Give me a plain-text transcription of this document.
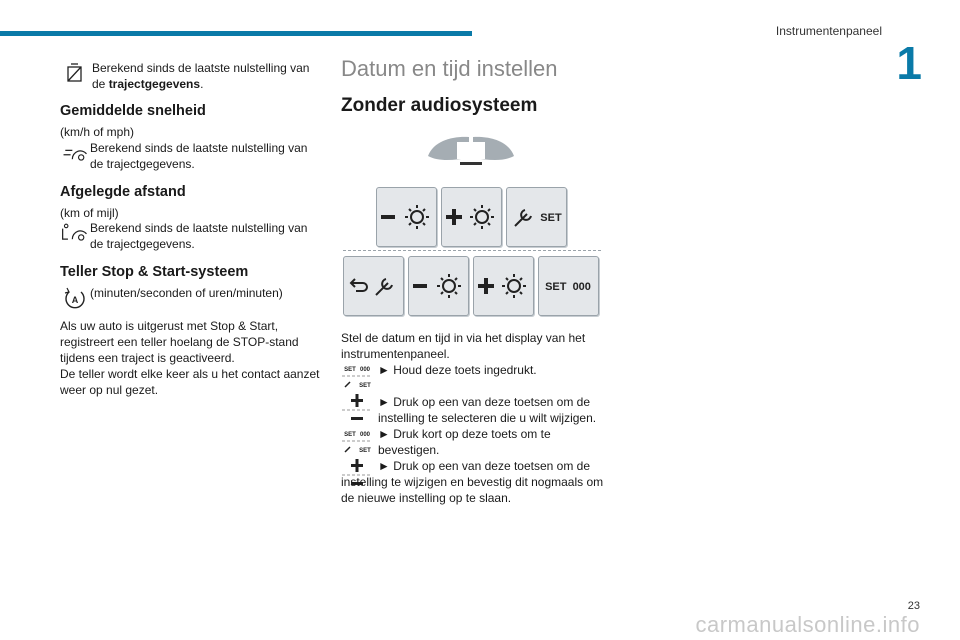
Instrumentenpaneel
1
Berekend sinds de laatste nulstelling van
de trajectgegevens.
Gemiddelde snelheid
(km/h of mph)
Berekend sinds de laatste nulstelling van de trajectgegevens.
Afgelegde afstand
(km of mijl)
Berekend sinds de laatste nulstelling van de trajectgegevens.
Teller Stop & Start-systeem
A (minuten/seconden of uren/minuten)
Als uw auto is uitgerust met Stop & Start, registreert een teller hoelang de STOP-stand tijdens een traject is geactiveerd.
De teller wordt elke keer als u het contact aanzet weer op nul gezet.
Datum en tijd instellen
Zonder audiosysteem
SET
SET  000
Stel de datum en tijd in via het display van het instrumentenpaneel.
SET 000
SET
► Houd deze toets ingedrukt.
► Druk op een van deze toetsen om de instelling te selecteren die u wilt wijzigen.
SET 000
SET
► Druk kort op deze toets om te bevestigen.
► Druk op een van deze toetsen om de instelling te wijzigen en bevestig dit nogmaals om de nieuwe instelling op te slaan.
carmanualsonline.info
23
